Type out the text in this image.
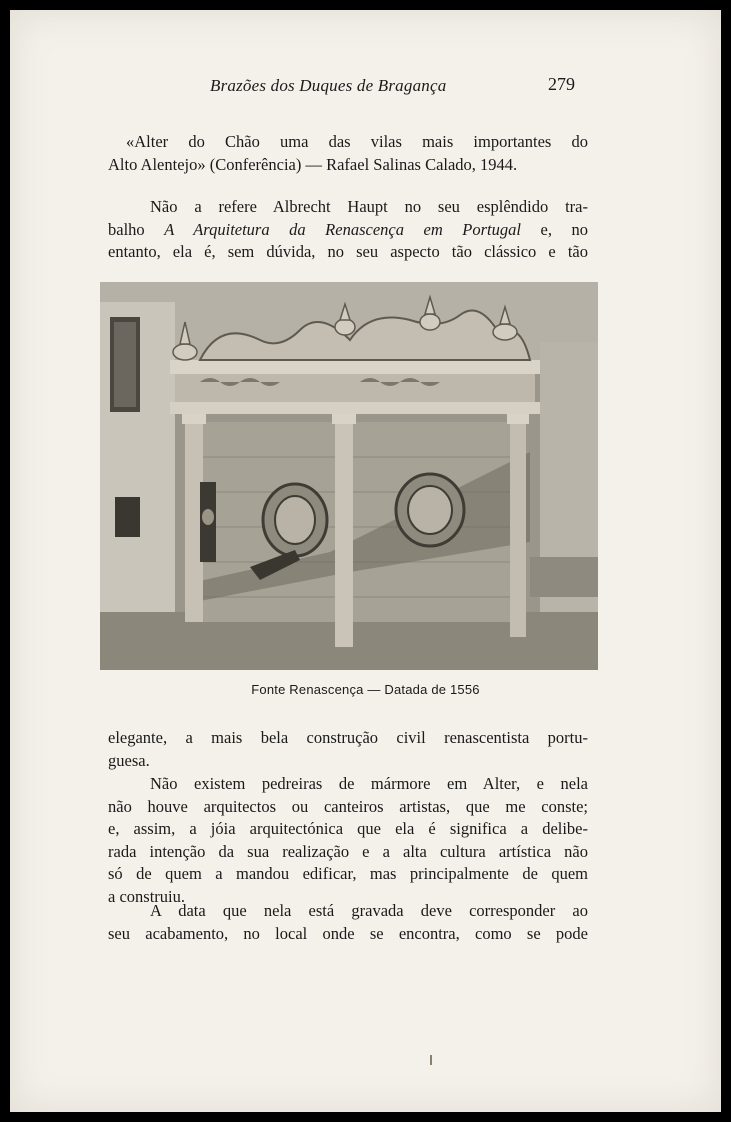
Brazões dos Duques de Bragança	279
«Alter do Chão uma das vilas mais importantes do
Alto Alentejo» (Conferência) — Rafael Salinas Calado, 1944.
Não a refere Albrecht Haupt no seu esplêndido tra-
balho A Arquitetura da Renascença em Portugal e, no
entanto, ela é, sem dúvida, no seu aspecto tão clássico e tão
Fonte Renascença — Datada de 1556
elegante, a mais bela construção civil renascentista portu-
guesa.
Não existem pedreiras de mármore em Alter, e nela
não houve arquitectos ou canteiros artistas, que me conste;
e, assim, a jóia arquitectónica que ela é significa a delibe-
rada intenção da sua realização e a alta cultura artística não
só de quem a mandou edificar, mas principalmente de quem
a construiu.
A data que nela está gravada deve corresponder ao
seu acabamento, no local onde se encontra, como se pode
